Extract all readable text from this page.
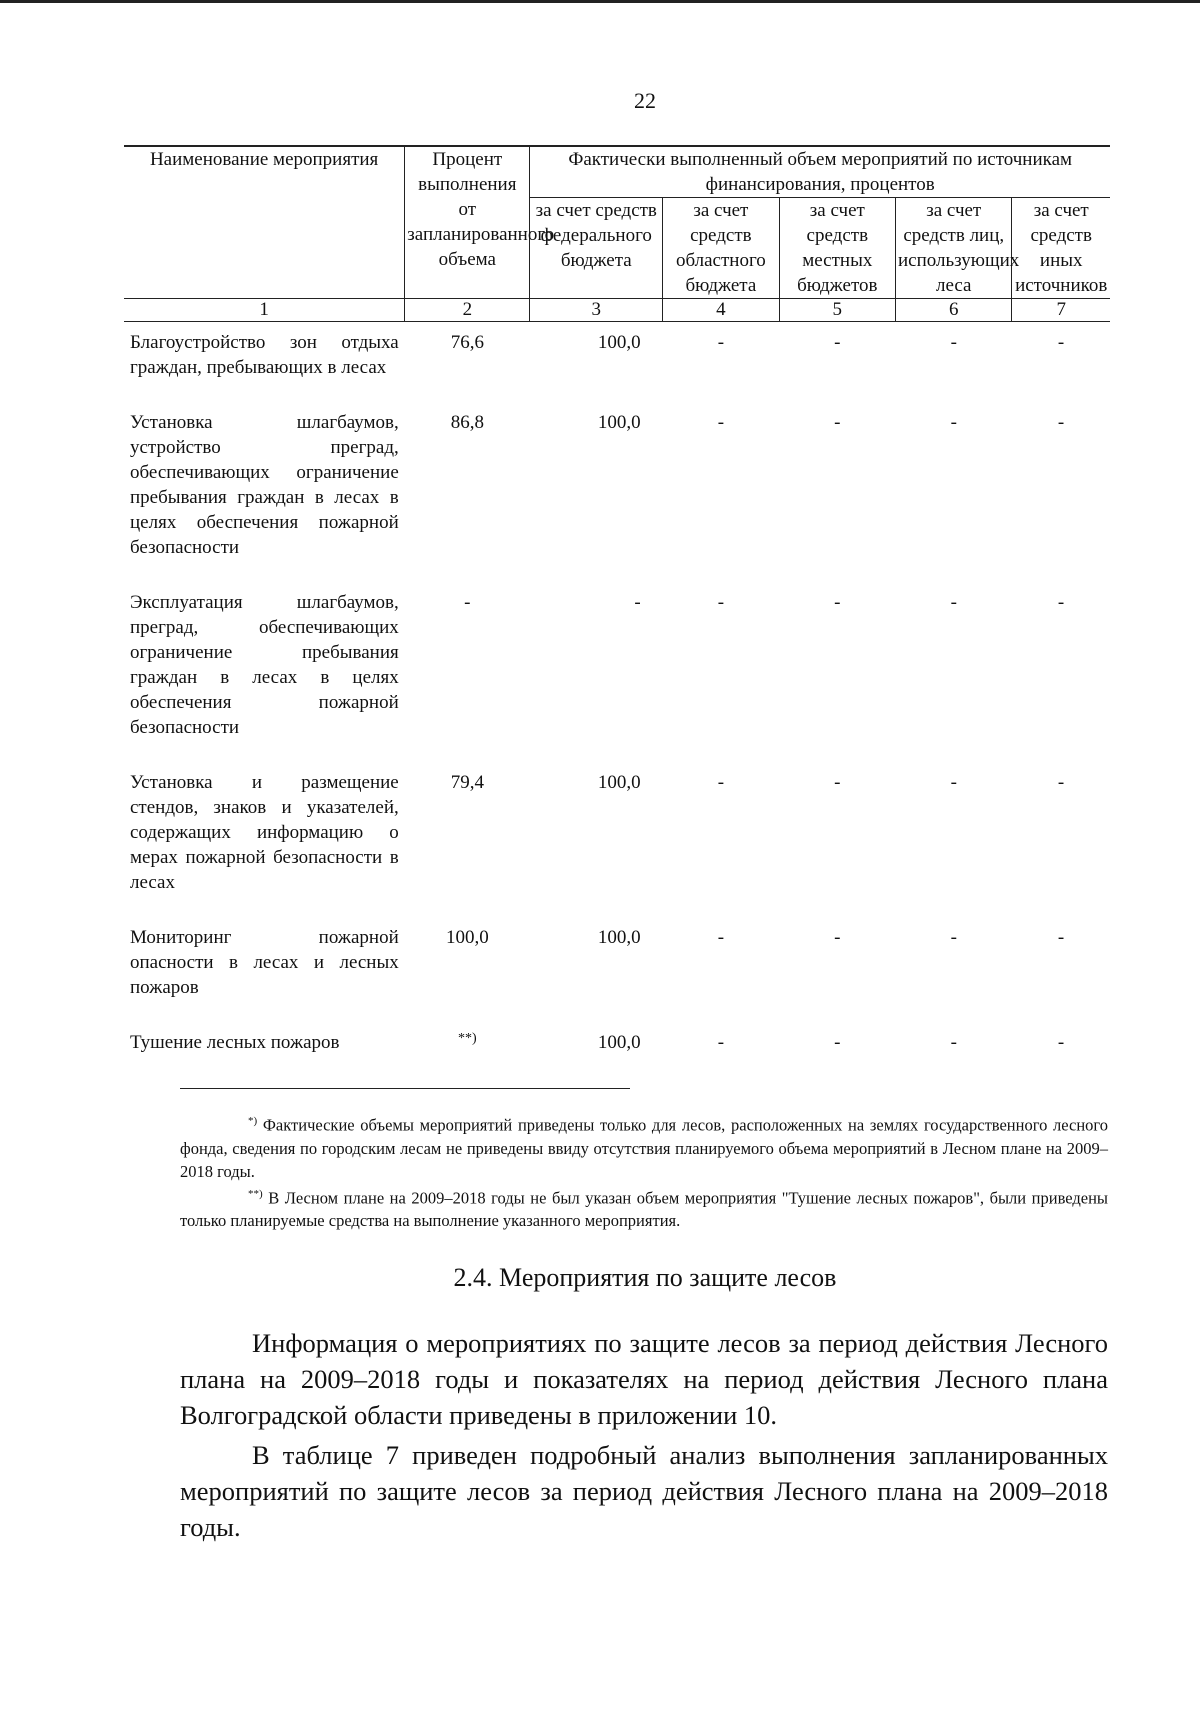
22
Наименование мероприятия	Процент выполнения от запланированного объема	Фактически выполненный объем мероприятий по источникам финансирования, процентов				
		за счет средств федерального бюджета	за счет средств областного бюджета	за счет средств местных бюджетов	за счет средств лиц, использующих леса	за счет средств иных источников
1	2	3	4	5	6	7
Благоустройство зон отдыха граждан, пребывающих в лесах	76,6	100,0	-	-	-	-
Установка шлагбаумов, устройство преград, обеспечивающих ограничение пребывания граждан в лесах в целях обеспечения пожарной безопасности	86,8	100,0	-	-	-	-
Эксплуатация шлагбаумов, преград, обеспечивающих ограничение пребывания граждан в лесах в целях обеспечения пожарной безопасности	-	-	-	-	-	-
Установка и размещение стендов, знаков и указателей, содержащих информацию о мерах пожарной безопасности в лесах	79,4	100,0	-	-	-	-
Мониторинг пожарной опасности в лесах и лесных пожаров	100,0	100,0	-	-	-	-
Тушение лесных пожаров	**)	100,0	-	-	-	-

*) Фактические объемы мероприятий приведены только для лесов, расположенных на землях государственного лесного фонда, сведения по городским лесам не приведены ввиду отсутствия планируемого объема мероприятий в Лесном плане на 2009–2018 годы.

**) В Лесном плане на 2009–2018 годы не был указан объем мероприятия "Тушение лесных пожаров", были приведены только планируемые средства на выполнение указанного мероприятия.

2.4. Мероприятия по защите лесов

Информация о мероприятиях по защите лесов за период действия Лесного плана на 2009–2018 годы и показателях на период действия Лесного плана Волгоградской области приведены в приложении 10.

В таблице 7 приведен подробный анализ выполнения запланированных мероприятий по защите лесов за период действия Лесного плана на 2009–2018 годы.
